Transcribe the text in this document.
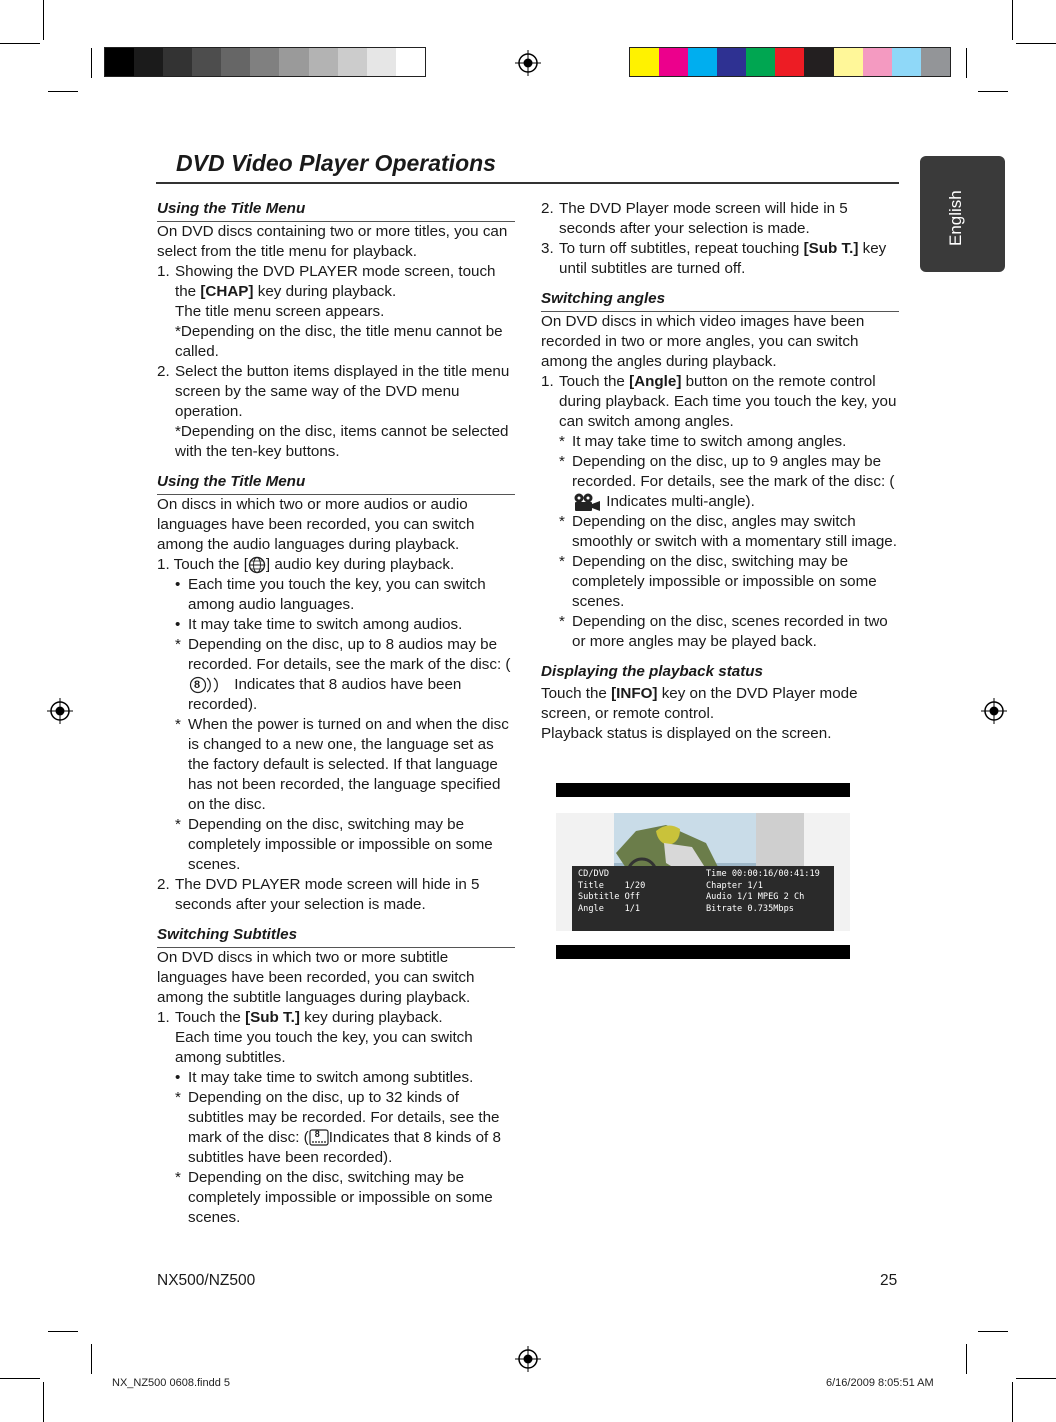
English
DVD Video Player Operations

Using the Title Menu

On DVD discs containing two or more titles, you can select from the title menu for playback.

1. Showing the DVD PLAYER mode screen, touch the [CHAP] key during playback.
The title menu screen appears.
*Depending on the disc, the title menu cannot be called.
2. Select the button items displayed in the title menu screen by the same way of the DVD menu operation.
*Depending on the disc, items cannot be selected with the ten-key buttons.

Using the Title Menu

On discs in which two or more audios or audio languages have been recorded, you can switch among the audio languages during playback.

1. Touch the [ ] audio key during playback.

• Each time you touch the key, you can switch among audio languages.
• It may take time to switch among audios.
* Depending on the disc, up to 8 audios may be recorded. For details, see the mark of the disc: (
8 Indicates that 8 audios have been recorded).
* When the power is turned on and when the disc is changed to a new one, the language set as the factory default is selected. If that language has not been recorded, the language specified on the disc.
* Depending on the disc, switching may be completely impossible or impossible on some scenes.
2. The DVD PLAYER mode screen will hide in 5 seconds after your selection is made.

Switching Subtitles

On DVD discs in which two or more subtitle languages have been recorded, you can switch among the subtitle languages during playback.

1. Touch the [Sub T.] key during playback.
Each time you touch the key, you can switch among subtitles.
• It may take time to switch among subtitles.
* Depending on the disc, up to 32 kinds of subtitles may be recorded. For details, see the mark of the disc: ( 8 Indicates that 8 kinds of 8 subtitles have been recorded).
* Depending on the disc, switching may be completely impossible or impossible on some scenes.
2. The DVD Player mode screen will hide in 5 seconds after your selection is made.
3. To turn off subtitles, repeat touching [Sub T.] key until subtitles are turned off.

Switching angles

On DVD discs in which video images have been recorded in two or more angles, you can switch among the angles during playback.

1. Touch the [Angle] button on the remote control during playback. Each time you touch the key, you can switch among angles.
* It may take time to switch among angles.
* Depending on the disc, up to 9 angles may be recorded. For details, see the mark of the disc: ( Indicates multi-angle).
* Depending on the disc, angles may switch smoothly or switch with a momentary still image.
* Depending on the disc, switching may be completely impossible or impossible on some scenes.
* Depending on the disc, scenes recorded in two or more angles may be played back.

Displaying the playback status

Touch the [INFO] key on the DVD Player mode screen, or remote control.

Playback status is displayed on the screen.

CD/DVD	Time 00:00:16/00:41:19
Title    1/20	Chapter 1/1
Subtitle Off	Audio 1/1 MPEG 2 Ch
Angle    1/1	Bitrate 0.735Mbps
NX500/NZ500	25
NX_NZ500 0608.findd 5	6/16/2009 8:05:51 AM
